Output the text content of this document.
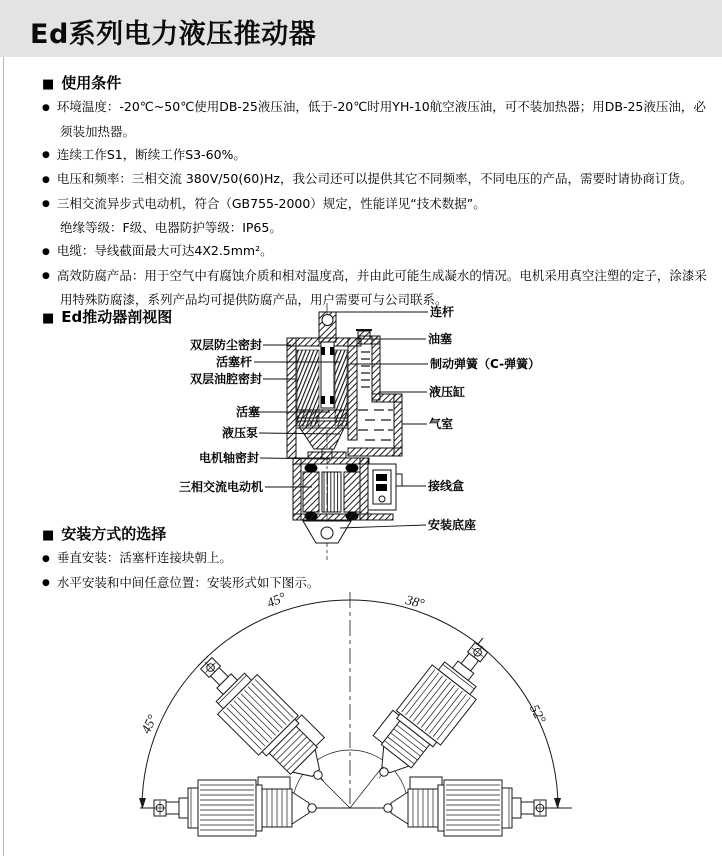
Ed系列电力液压推动器
■ 使用条件
● 环境温度：-20℃~50℃使用DB-25液压油，低于-20℃时用YH-10航空液压油，可不装加热器；用DB-25液压油，必
须装加热器。
● 连续工作S1，断续工作S3-60%。
● 电压和频率：三相交流 380V/50(60)Hz，我公司还可以提供其它不同频率，不同电压的产品，需要时请协商订货。
● 三相交流异步式电动机，符合（GB755-2000）规定，性能详见“技术数据”。
绝缘等级：F级、电器防护等级：IP65。
● 电缆：导线截面最大可达4X2.5mm²。
● 高效防腐产品：用于空气中有腐蚀介质和相对温度高，并由此可能生成凝水的情况。电机采用真空注塑的定子，涂漆采
用特殊防腐漆，系列产品均可提供防腐产品，用户需要可与公司联系。
■ Ed推动器剖视图
双层防尘密封
活塞杆
双层油腔密封
活塞
液压泵
电机轴密封
三相交流电动机
连杆
油塞
制动弹簧（C-弹簧）
液压缸
气室
接线盒
安装底座
■ 安装方式的选择
● 垂直安装：活塞杆连接块朝上。
● 水平安装和中间任意位置：安装形式如下图示。
45°	38°
45°	52°
